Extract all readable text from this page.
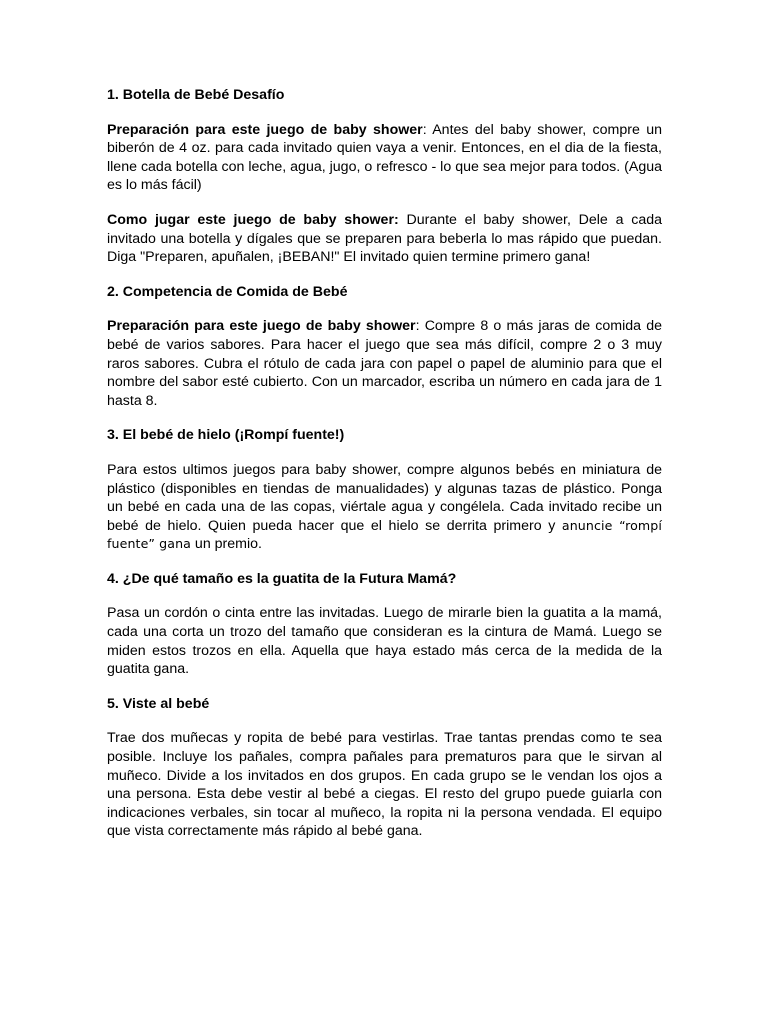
1. Botella de Bebé Desafío

Preparación para este juego de baby shower: Antes del baby shower, compre un biberón de 4 oz. para cada invitado quien vaya a venir. Entonces, en el dia de la fiesta, llene cada botella con leche, agua, jugo, o refresco - lo que sea mejor para todos. (Agua es lo más fácil)

Como jugar este juego de baby shower: Durante el baby shower, Dele a cada invitado una botella y dígales que se preparen para beberla lo mas rápido que puedan. Diga "Preparen, apuñalen, ¡BEBAN!" El invitado quien termine primero gana!

2. Competencia de Comida de Bebé

Preparación para este juego de baby shower: Compre 8 o más jaras de comida de bebé de varios sabores. Para hacer el juego que sea más difícil, compre 2 o 3 muy raros sabores. Cubra el rótulo de cada jara con papel o papel de aluminio para que el nombre del sabor esté cubierto. Con un marcador, escriba un número en cada jara de 1 hasta 8.

3. El bebé de hielo (¡Rompí fuente!)

Para estos ultimos juegos para baby shower, compre algunos bebés en miniatura de plástico (disponibles en tiendas de manualidades) y algunas tazas de plástico. Ponga un bebé en cada una de las copas, viértale agua y congélela. Cada invitado recibe un bebé de hielo. Quien pueda hacer que el hielo se derrita primero y anuncie “rompí fuente” gana un premio.

4. ¿De qué tamaño es la guatita de la Futura Mamá?

Pasa un cordón o cinta entre las invitadas. Luego de mirarle bien la guatita a la mamá, cada una corta un trozo del tamaño que consideran es la cintura de Mamá. Luego se miden estos trozos en ella. Aquella que haya estado más cerca de la medida de la guatita gana.

5. Viste al bebé

Trae dos muñecas y ropita de bebé para vestirlas. Trae tantas prendas como te sea posible. Incluye los pañales, compra pañales para prematuros para que le sirvan al muñeco. Divide a los invitados en dos grupos. En cada grupo se le vendan los ojos a una persona. Esta debe vestir al bebé a ciegas. El resto del grupo puede guiarla con indicaciones verbales, sin tocar al muñeco, la ropita ni la persona vendada. El equipo que vista correctamente más rápido al bebé gana.
